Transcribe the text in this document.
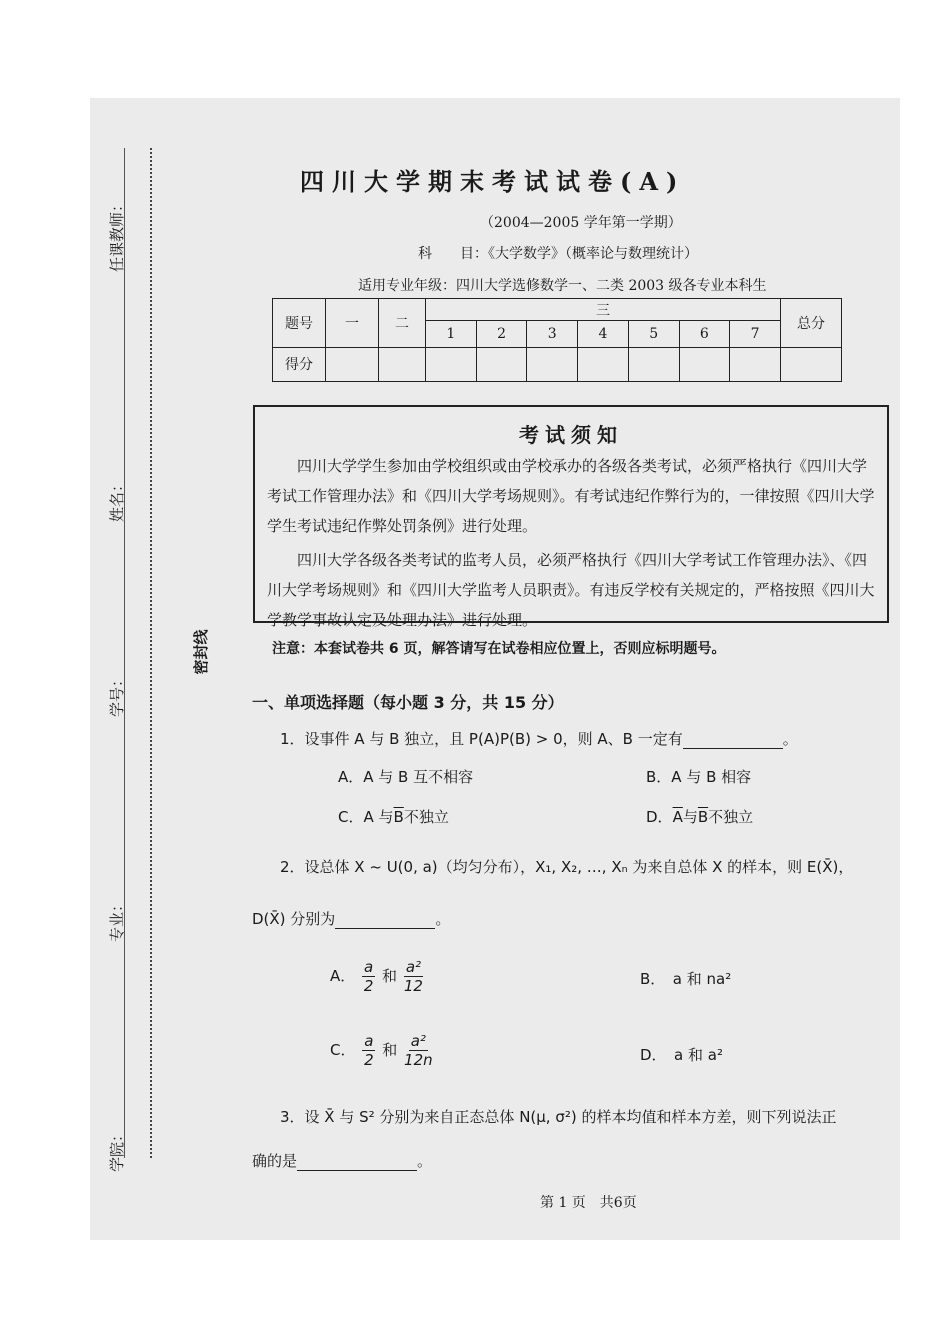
任课教师：
姓名：
学号：
专业：
学院：
密封线
四川大学期末考试试卷(A)
（2004—2005 学年第一学期）
科　　目：《大学数学》（概率论与数理统计）
适用专业年级：四川大学选修数学一、二类 2003 级各专业本科生
题号	一	二	三							总分
			1	2	3	4	5	6	7	
得分										
考试须知
四川大学学生参加由学校组织或由学校承办的各级各类考试，必须严格执行《四川大学考试工作管理办法》和《四川大学考场规则》。有考试违纪作弊行为的，一律按照《四川大学学生考试违纪作弊处罚条例》进行处理。
四川大学各级各类考试的监考人员，必须严格执行《四川大学考试工作管理办法》、《四川大学考场规则》和《四川大学监考人员职责》。有违反学校有关规定的，严格按照《四川大学教学事故认定及处理办法》进行处理。
注意：本套试卷共 6 页，解答请写在试卷相应位置上，否则应标明题号。
一、单项选择题（每小题 3 分，共 15 分）
1．设事件 A 与 B 独立，且 P(A)P(B) > 0，则 A、B 一定有	。
A．A 与 B 互不相容	B．A 与 B 相容
C．A 与$\overline{B}$不独立	D．$\overline{A}$与$\overline{B}$不独立
2．设总体 X ~ U(0, a)（均匀分布），X₁, X₂, …, Xₙ 为来自总体 X 的样本，则 E(X̄)，
D(X̄) 分别为	。
A． $\frac{a}{2}$ 和 $\frac{\text{a²}}{12}$	B．　a 和 na²
C． $\frac{a}{2}$ 和 $\frac{\text{a²}}{12n}$	D．　a 和 a²
3．设 X̄ 与 S² 分别为来自正态总体 N(μ, σ²) 的样本均值和样本方差，则下列说法正
确的是	。
第 1 页　共6页
